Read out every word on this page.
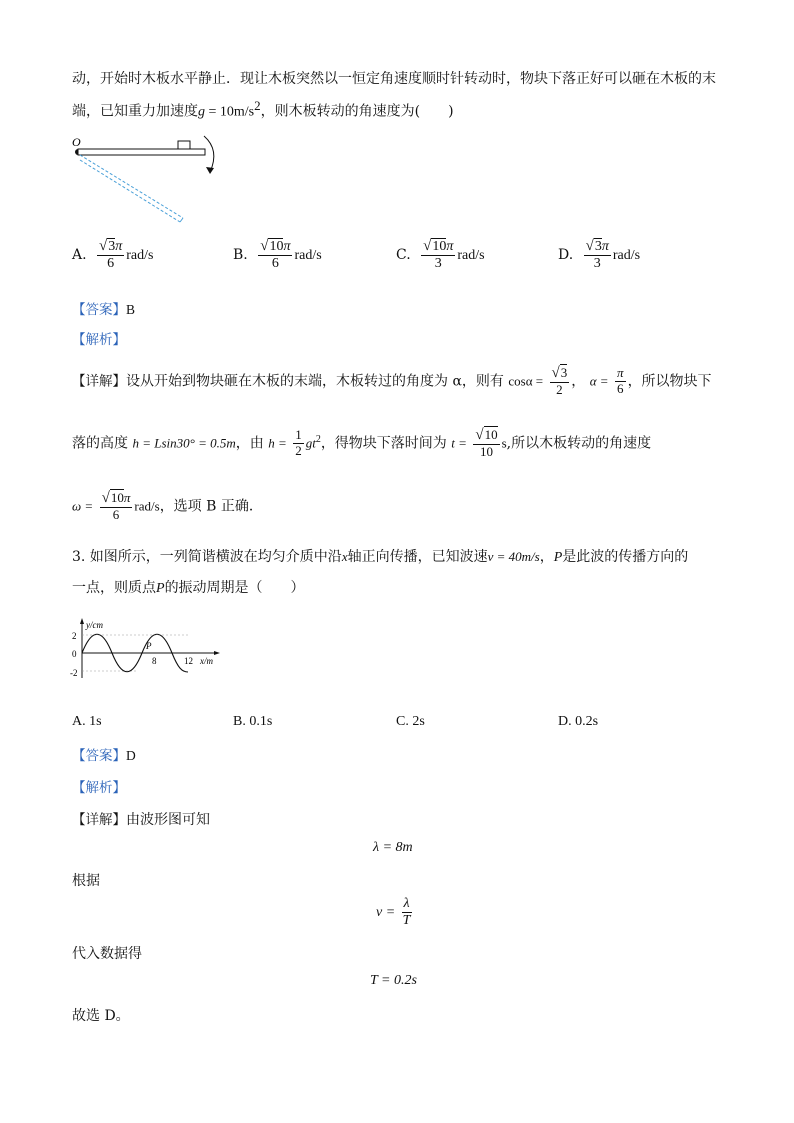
动，开始时木板水平静止．现让木板突然以一恒定角速度顺时针转动时，物块下落正好可以砸在木板的末
端，已知重力加速度$g = 10m/s^2$，则木板转动的角速度为(　　)
O
A. $\frac{√3\pi}{6} rad/s$	B. $\frac{√10\pi}{6} rad/s$	C. $\frac{√10\pi}{3} rad/s$	D. $\frac{√3\pi}{3} rad/s$
【答案】B
【解析】
【详解】设从开始到物块砸在木板的末端，木板转过的角度为 α，则有 $\cos\alpha = \frac{√3}{2}$ ， $\alpha = \frac{\pi}{6}$ ，所以物块下
落的高度 h = Lsin30° = 0.5m，由 $h = \frac{1}{2} gt^2$，得物块下落时间为 $t = \frac{√10}{10} s$,所以木板转动的角速度
$\omega = \frac{√10\pi}{6} rad/s$，选项 B 正确．
3. 如图所示，一列简谐横波在均匀介质中沿x轴正向传播，已知波速v = 40m/s，P是此波的传播方向的
一点，则质点P的振动周期是（　　）
y/cm
x/m
2
0
-2
8	12
P
A. 1s	B. 0.1s	C. 2s	D. 0.2s
【答案】D
【解析】
【详解】由波形图可知
λ = 8m
根据
$v = \frac{\lambda}{T}$
代入数据得
T = 0.2s
故选 D。
